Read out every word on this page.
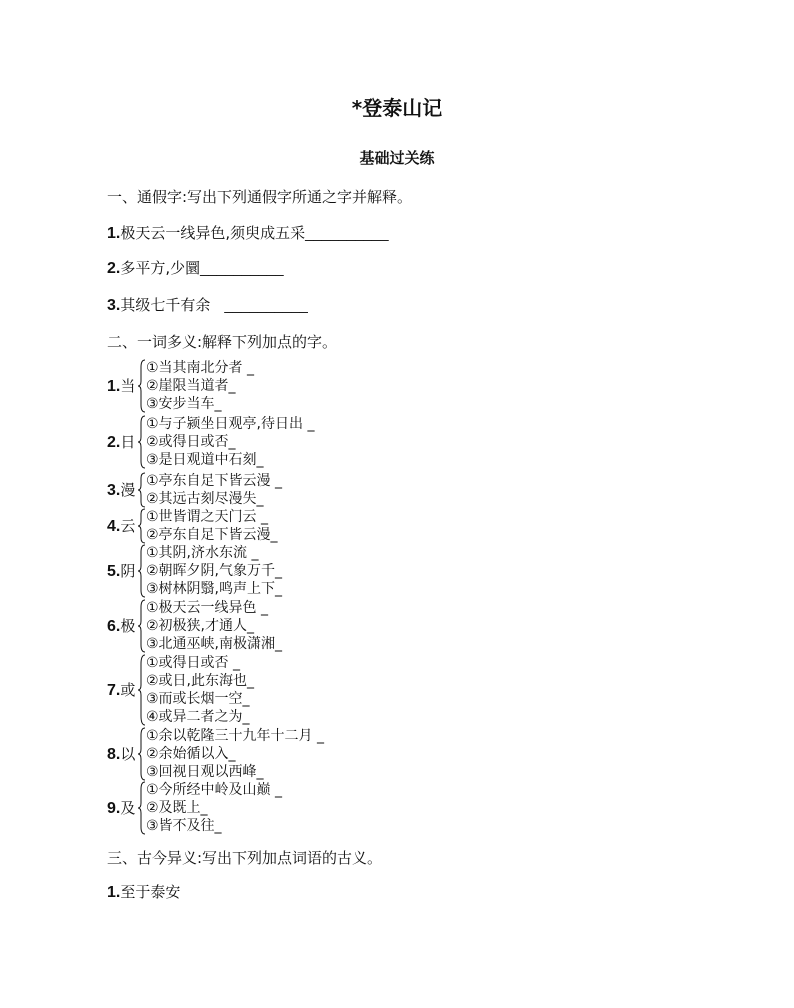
*登泰山记
基础过关练
一、通假字:写出下列通假字所通之字并解释。
1.极天云一线异色,须臾成五采__________
2.多平方,少圜__________
3.其级七千有余 __________
二、一词多义:解释下列加点的字。
1.当
①当其南北分者 _
②崖限当道者_
③安步当车_
2.日
①与子颍坐日观亭,待日出 _
②或得日或否_
③是日观道中石刻_
3.漫 ①亭东自足下皆云漫 _
②其远古刻尽漫失_
4.云 ①世皆谓之天门云 _
②亭东自足下皆云漫_
5.阴
①其阴,济水东流 _
②朝晖夕阴,气象万千_
③树林阴翳,鸣声上下_
6.极
①极天云一线异色 _
②初极狭,才通人_
③北通巫峡,南极潇湘_
7.或
①或得日或否 _
②或日,此东海也_
③而或长烟一空_
④或异二者之为_
8.以
①余以乾隆三十九年十二月 _
②余始循以入_
③回视日观以西峰_
9.及
①今所经中岭及山巅 _
②及既上_
③皆不及往_
三、古今异义:写出下列加点词语的古义。
1.至于泰安
